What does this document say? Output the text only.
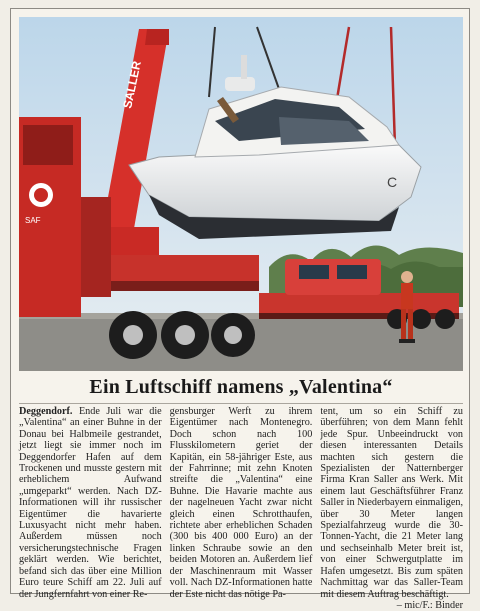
SALLER
C
SAF
Ein Luftschiff namens „Valentina“
Deggendorf. Ende Juli war die „Valentina“ an einer Buhne in der Donau bei Halbmeile gestrandet, jetzt liegt sie immer noch im Deggendorfer Hafen auf dem Trockenen und musste gestern mit erheblichem Aufwand „umgeparkt“ werden. Nach DZ-Informationen will ihr russischer Eigentümer die havarierte Luxusyacht nicht mehr haben. Außerdem müssen noch versicherungstechnische Fragen geklärt werden. Wie berichtet, befand sich das über eine Million Euro teure Schiff am 22. Juli auf der Jungfernfahrt von einer Re-
gensburger Werft zu ihrem Eigentümer nach Montenegro. Doch schon nach 100 Flusskilometern geriet der Kapitän, ein 58-jähriger Este, aus der Fahrrinne; mit zehn Knoten streifte die „Valentina“ eine Buhne. Die Havarie machte aus der nagelneuen Yacht zwar nicht gleich einen Schrotthaufen, richtete aber erheblichen Schaden (300 bis 400 000 Euro) an der linken Schraube sowie an den beiden Motoren an. Außerdem lief der Maschinenraum mit Wasser voll. Nach DZ-Informationen hatte der Este nicht das nötige Pa-
tent, um so ein Schiff zu überführen; von dem Mann fehlt jede Spur. Unbeeindruckt von diesen interessanten Details machten sich gestern die Spezialisten der Natternberger Firma Kran Saller ans Werk. Mit einem laut Geschäftsführer Franz Saller in Niederbayern einmaligen, über 30 Meter langen Spezialfahrzeug wurde die 30-Tonnen-Yacht, die 21 Meter lang und sechseinhalb Meter breit ist, von einer Schwergutplatte im Hafen umgesetzt. Bis zum späten Nachmittag war das Saller-Team mit diesem Auftrag beschäftigt.
– mic/F.: Binder
